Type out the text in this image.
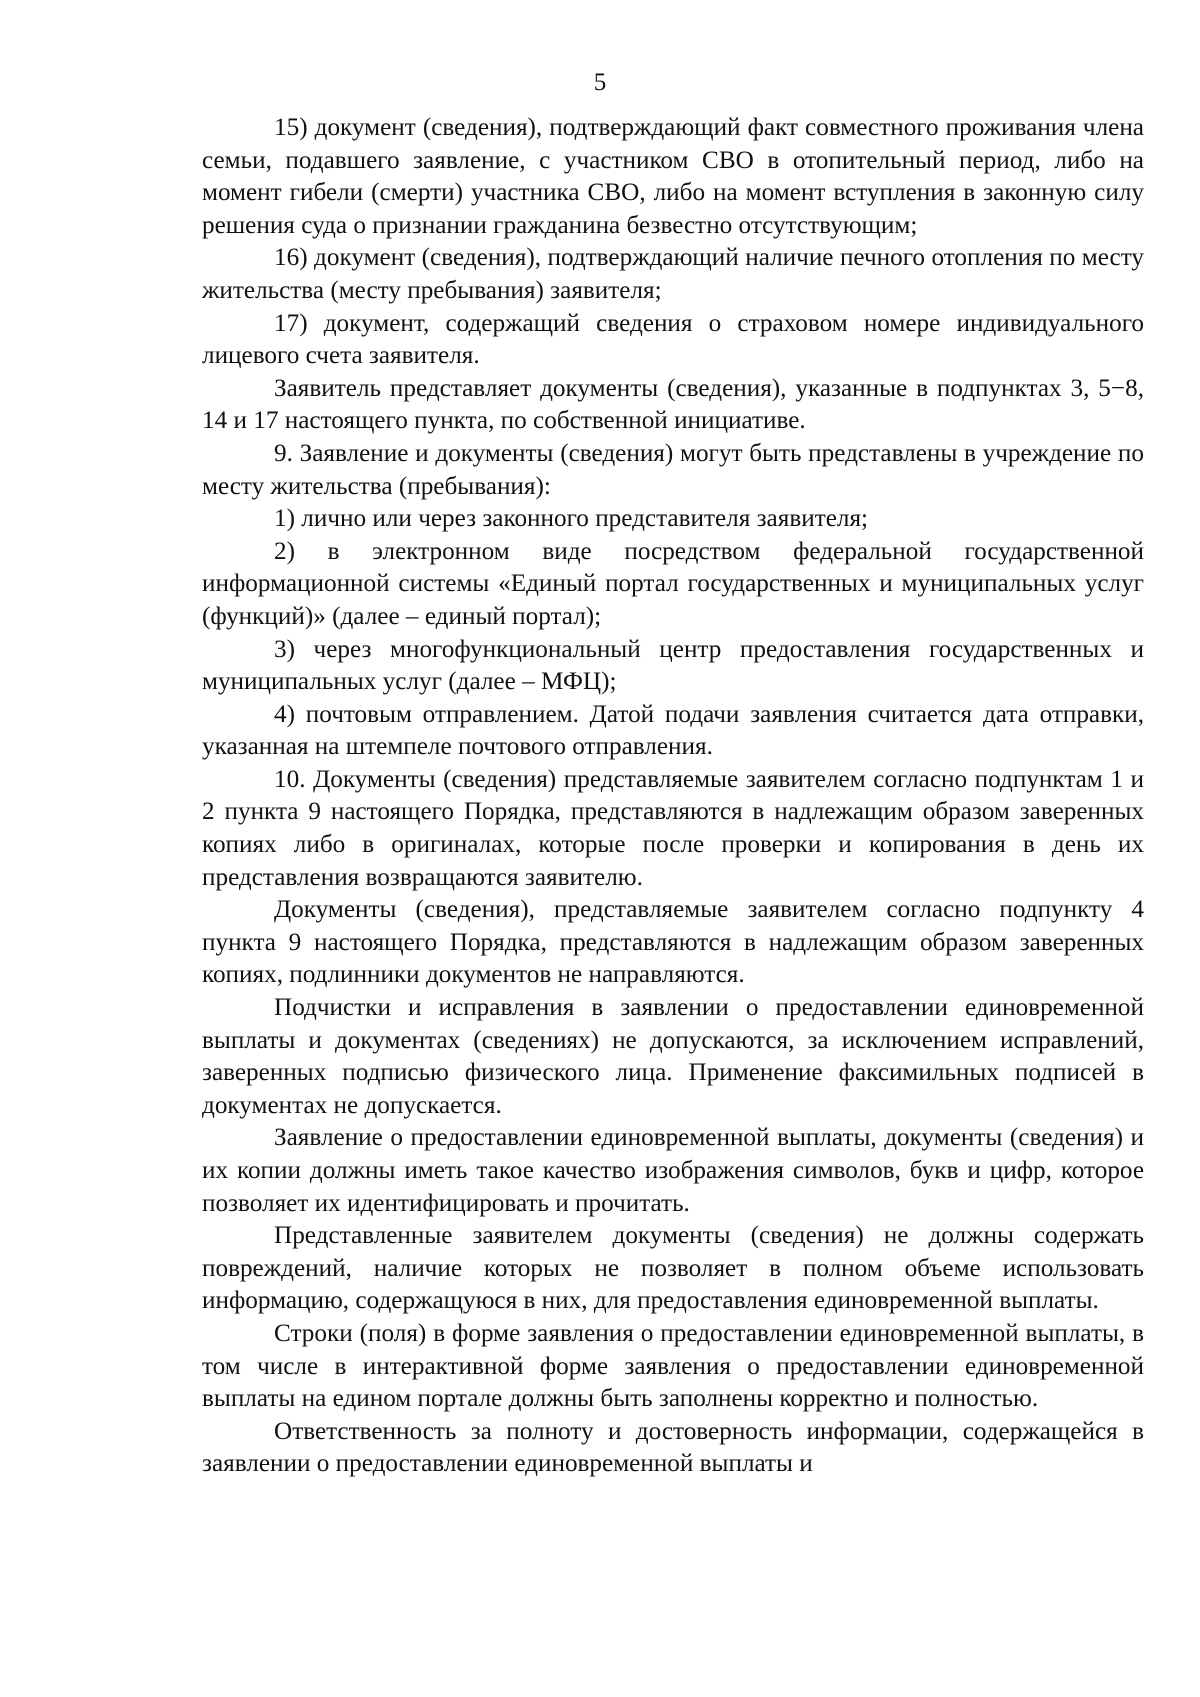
5

15) документ (сведения), подтверждающий факт совместного проживания члена семьи, подавшего заявление, с участником СВО в отопительный период, либо на момент гибели (смерти) участника СВО, либо на момент вступления в законную силу решения суда о признании гражданина безвестно отсутствующим;

16) документ (сведения), подтверждающий наличие печного отопления по месту жительства (месту пребывания) заявителя;

17) документ, содержащий сведения о страховом номере индивидуального лицевого счета заявителя.

Заявитель представляет документы (сведения), указанные в подпунктах 3, 5−8, 14 и 17 настоящего пункта, по собственной инициативе.

9. Заявление и документы (сведения) могут быть представлены в учреждение по месту жительства (пребывания):

1) лично или через законного представителя заявителя;

2) в электронном виде посредством федеральной государственной информационной системы «Единый портал государственных и муниципальных услуг (функций)» (далее – единый портал);

3) через многофункциональный центр предоставления государственных и муниципальных услуг (далее – МФЦ);

4) почтовым отправлением. Датой подачи заявления считается дата отправки, указанная на штемпеле почтового отправления.

10. Документы (сведения) представляемые заявителем согласно подпунктам 1 и 2 пункта 9 настоящего Порядка, представляются в надлежащим образом заверенных копиях либо в оригиналах, которые после проверки и копирования в день их представления возвращаются заявителю.

Документы (сведения), представляемые заявителем согласно подпункту 4 пункта 9 настоящего Порядка, представляются в надлежащим образом заверенных копиях, подлинники документов не направляются.

Подчистки и исправления в заявлении о предоставлении единовременной выплаты и документах (сведениях) не допускаются, за исключением исправлений, заверенных подписью физического лица. Применение факсимильных подписей в документах не допускается.

Заявление о предоставлении единовременной выплаты, документы (сведения) и их копии должны иметь такое качество изображения символов, букв и цифр, которое позволяет их идентифицировать и прочитать.

Представленные заявителем документы (сведения) не должны содержать повреждений, наличие которых не позволяет в полном объеме использовать информацию, содержащуюся в них, для предоставления единовременной выплаты.

Строки (поля) в форме заявления о предоставлении единовременной выплаты, в том числе в интерактивной форме заявления о предоставлении единовременной выплаты на едином портале должны быть заполнены корректно и полностью.

Ответственность за полноту и достоверность информации, содержащейся в заявлении о предоставлении единовременной выплаты и
